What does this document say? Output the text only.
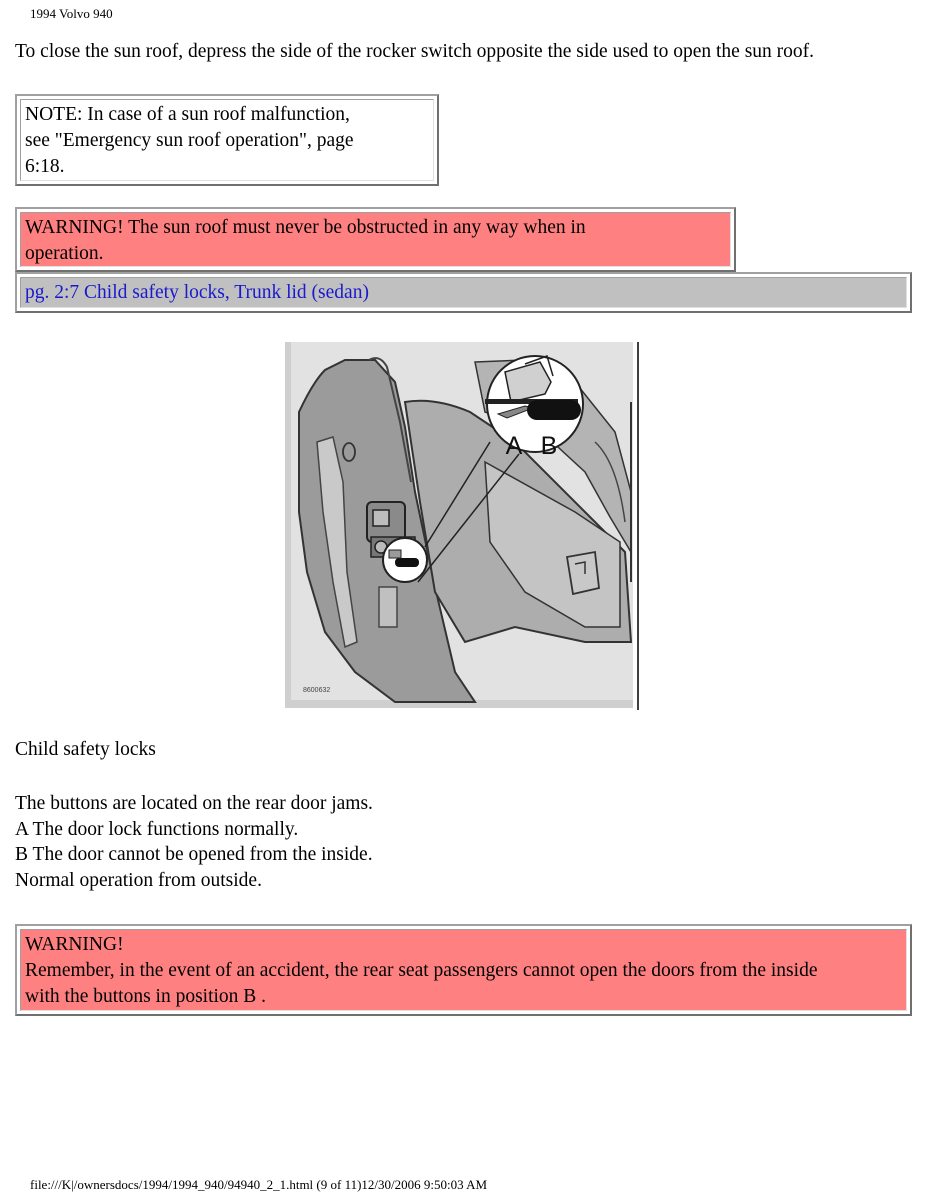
1994 Volvo 940
To close the sun roof, depress the side of the rocker switch opposite the side used to open the sun roof.
NOTE: In case of a sun roof malfunction,
see "Emergency sun roof operation", page
6:18.
WARNING! The sun roof must never be obstructed in any way when in
operation.
pg. 2:7 Child safety locks, Trunk lid (sedan)
A B
8600632
Child safety locks
The buttons are located on the rear door jams.
A The door lock functions normally.
B The door cannot be opened from the inside.
Normal operation from outside.
WARNING!
Remember, in the event of an accident, the rear seat passengers cannot open the doors from the inside
with the buttons in position B .
file:///K|/ownersdocs/1994/1994_940/94940_2_1.html (9 of 11)12/30/2006 9:50:03 AM
